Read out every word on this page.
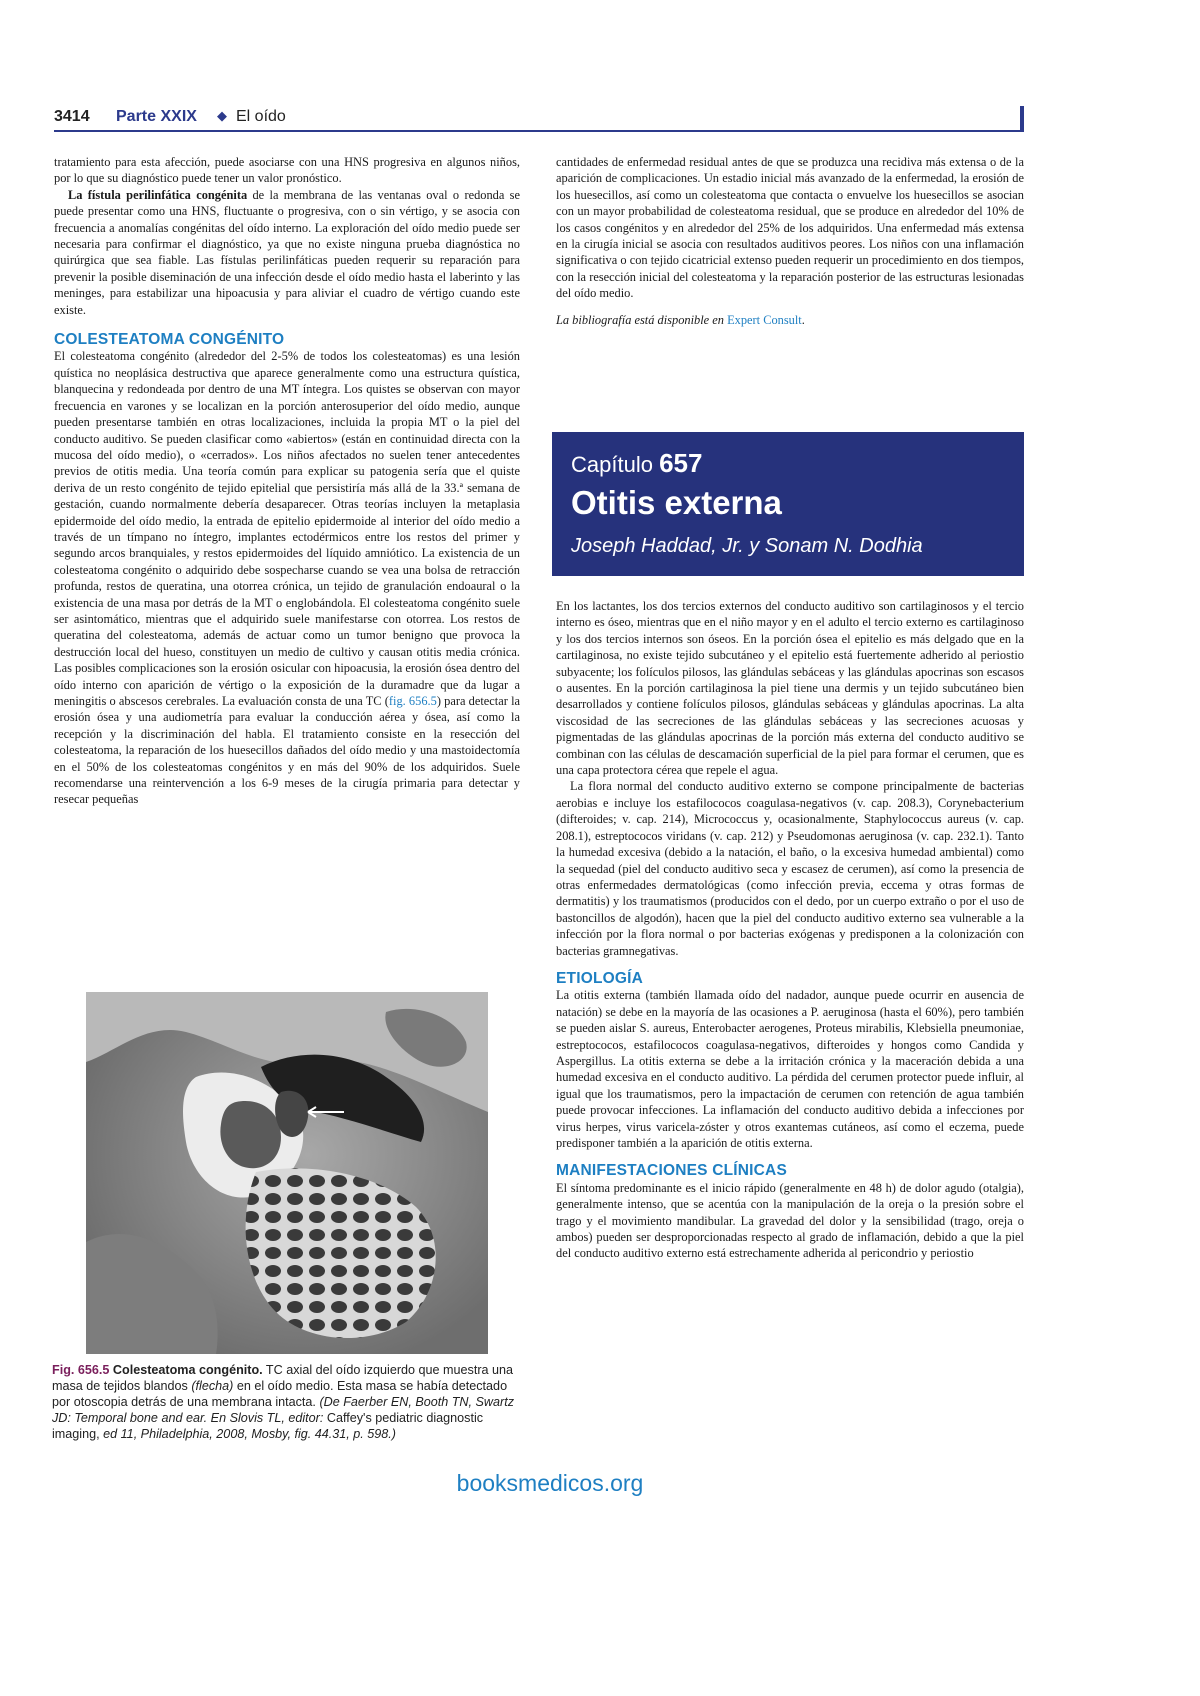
3414 Parte XXIX ◆ El oído

tratamiento para esta afección, puede asociarse con una HNS progresiva en algunos niños, por lo que su diagnóstico puede tener un valor pronóstico.

La fístula perilinfática congénita de la membrana de las ventanas oval o redonda se puede presentar como una HNS, fluctuante o progresiva, con o sin vértigo, y se asocia con frecuencia a anomalías congénitas del oído interno. La exploración del oído medio puede ser necesaria para confirmar el diagnóstico, ya que no existe ninguna prueba diagnóstica no quirúrgica que sea fiable. Las fístulas perilinfáticas pueden requerir su reparación para prevenir la posible diseminación de una infección desde el oído medio hasta el laberinto y las meninges, para estabilizar una hipoacusia y para aliviar el cuadro de vértigo cuando este existe.

COLESTEATOMA CONGÉNITO

El colesteatoma congénito (alrededor del 2-5% de todos los colesteatomas) es una lesión quística no neoplásica destructiva que aparece generalmente como una estructura quística, blanquecina y redondeada por dentro de una MT íntegra. Los quistes se observan con mayor frecuencia en varones y se localizan en la porción anterosuperior del oído medio, aunque pueden presentarse también en otras localizaciones, incluida la propia MT o la piel del conducto auditivo. Se pueden clasificar como «abiertos» (están en continuidad directa con la mucosa del oído medio), o «cerrados». Los niños afectados no suelen tener antecedentes previos de otitis media. Una teoría común para explicar su patogenia sería que el quiste deriva de un resto congénito de tejido epitelial que persistiría más allá de la 33.ª semana de gestación, cuando normalmente debería desaparecer. Otras teorías incluyen la metaplasia epidermoide del oído medio, la entrada de epitelio epidermoide al interior del oído medio a través de un tímpano no íntegro, implantes ectodérmicos entre los restos del primer y segundo arcos branquiales, y restos epidermoides del líquido amniótico. La existencia de un colesteatoma congénito o adquirido debe sospecharse cuando se vea una bolsa de retracción profunda, restos de queratina, una otorrea crónica, un tejido de granulación endoaural o la existencia de una masa por detrás de la MT o englobándola. El colesteatoma congénito suele ser asintomático, mientras que el adquirido suele manifestarse con otorrea. Los restos de queratina del colesteatoma, además de actuar como un tumor benigno que provoca la destrucción local del hueso, constituyen un medio de cultivo y causan otitis media crónica. Las posibles complicaciones son la erosión osicular con hipoacusia, la erosión ósea dentro del oído interno con aparición de vértigo o la exposición de la duramadre que da lugar a meningitis o abscesos cerebrales. La evaluación consta de una TC (fig. 656.5) para detectar la erosión ósea y una audiometría para evaluar la conducción aérea y ósea, así como la recepción y la discriminación del habla. El tratamiento consiste en la resección del colesteatoma, la reparación de los huesecillos dañados del oído medio y una mastoidectomía en el 50% de los colesteatomas congénitos y en más del 90% de los adquiridos. Suele recomendarse una reintervención a los 6-9 meses de la cirugía primaria para detectar y resecar pequeñas

Fig. 656.5 Colesteatoma congénito. TC axial del oído izquierdo que muestra una masa de tejidos blandos (flecha) en el oído medio. Esta masa se había detectado por otoscopia detrás de una membrana intacta. (De Faerber EN, Booth TN, Swartz JD: Temporal bone and ear. En Slovis TL, editor: Caffey's pediatric diagnostic imaging, ed 11, Philadelphia, 2008, Mosby, fig. 44.31, p. 598.)

cantidades de enfermedad residual antes de que se produzca una recidiva más extensa o de la aparición de complicaciones. Un estadio inicial más avanzado de la enfermedad, la erosión de los huesecillos, así como un colesteatoma que contacta o envuelve los huesecillos se asocian con un mayor probabilidad de colesteatoma residual, que se produce en alrededor del 10% de los casos congénitos y en alrededor del 25% de los adquiridos. Una enfermedad más extensa en la cirugía inicial se asocia con resultados auditivos peores. Los niños con una inflamación significativa o con tejido cicatricial extenso pueden requerir un procedimiento en dos tiempos, con la resección inicial del colesteatoma y la reparación posterior de las estructuras lesionadas del oído medio.

La bibliografía está disponible en Expert Consult.

Capítulo 657
Otitis externa
Joseph Haddad, Jr. y Sonam N. Dodhia

En los lactantes, los dos tercios externos del conducto auditivo son cartilaginosos y el tercio interno es óseo, mientras que en el niño mayor y en el adulto el tercio externo es cartilaginoso y los dos tercios internos son óseos. En la porción ósea el epitelio es más delgado que en la cartilaginosa, no existe tejido subcutáneo y el epitelio está fuertemente adherido al periostio subyacente; los folículos pilosos, las glándulas sebáceas y las glándulas apocrinas son escasos o ausentes. En la porción cartilaginosa la piel tiene una dermis y un tejido subcutáneo bien desarrollados y contiene folículos pilosos, glándulas sebáceas y glándulas apocrinas. La alta viscosidad de las secreciones de las glándulas sebáceas y las secreciones acuosas y pigmentadas de las glándulas apocrinas de la porción más externa del conducto auditivo se combinan con las células de descamación superficial de la piel para formar el cerumen, que es una capa protectora cérea que repele el agua.

La flora normal del conducto auditivo externo se compone principalmente de bacterias aerobias e incluye los estafilococos coagulasa-negativos (v. cap. 208.3), Corynebacterium (difteroides; v. cap. 214), Micrococcus y, ocasionalmente, Staphylococcus aureus (v. cap. 208.1), estreptococos viridans (v. cap. 212) y Pseudomonas aeruginosa (v. cap. 232.1). Tanto la humedad excesiva (debido a la natación, el baño, o la excesiva humedad ambiental) como la sequedad (piel del conducto auditivo seca y escasez de cerumen), así como la presencia de otras enfermedades dermatológicas (como infección previa, eccema y otras formas de dermatitis) y los traumatismos (producidos con el dedo, por un cuerpo extraño o por el uso de bastoncillos de algodón), hacen que la piel del conducto auditivo externo sea vulnerable a la infección por la flora normal o por bacterias exógenas y predisponen a la colonización con bacterias gramnegativas.

ETIOLOGÍA

La otitis externa (también llamada oído del nadador, aunque puede ocurrir en ausencia de natación) se debe en la mayoría de las ocasiones a P. aeruginosa (hasta el 60%), pero también se pueden aislar S. aureus, Enterobacter aerogenes, Proteus mirabilis, Klebsiella pneumoniae, estreptococos, estafilococos coagulasa-negativos, difteroides y hongos como Candida y Aspergillus. La otitis externa se debe a la irritación crónica y la maceración debida a una humedad excesiva en el conducto auditivo. La pérdida del cerumen protector puede influir, al igual que los traumatismos, pero la impactación de cerumen con retención de agua también puede provocar infecciones. La inflamación del conducto auditivo debida a infecciones por virus herpes, virus varicela-zóster y otros exantemas cutáneos, así como el eczema, puede predisponer también a la aparición de otitis externa.

MANIFESTACIONES CLÍNICAS

El síntoma predominante es el inicio rápido (generalmente en 48 h) de dolor agudo (otalgia), generalmente intenso, que se acentúa con la manipulación de la oreja o la presión sobre el trago y el movimiento mandibular. La gravedad del dolor y la sensibilidad (trago, oreja o ambos) pueden ser desproporcionadas respecto al grado de inflamación, debido a que la piel del conducto auditivo externo está estrechamente adherida al pericondrio y periostio

booksmedicos.org
